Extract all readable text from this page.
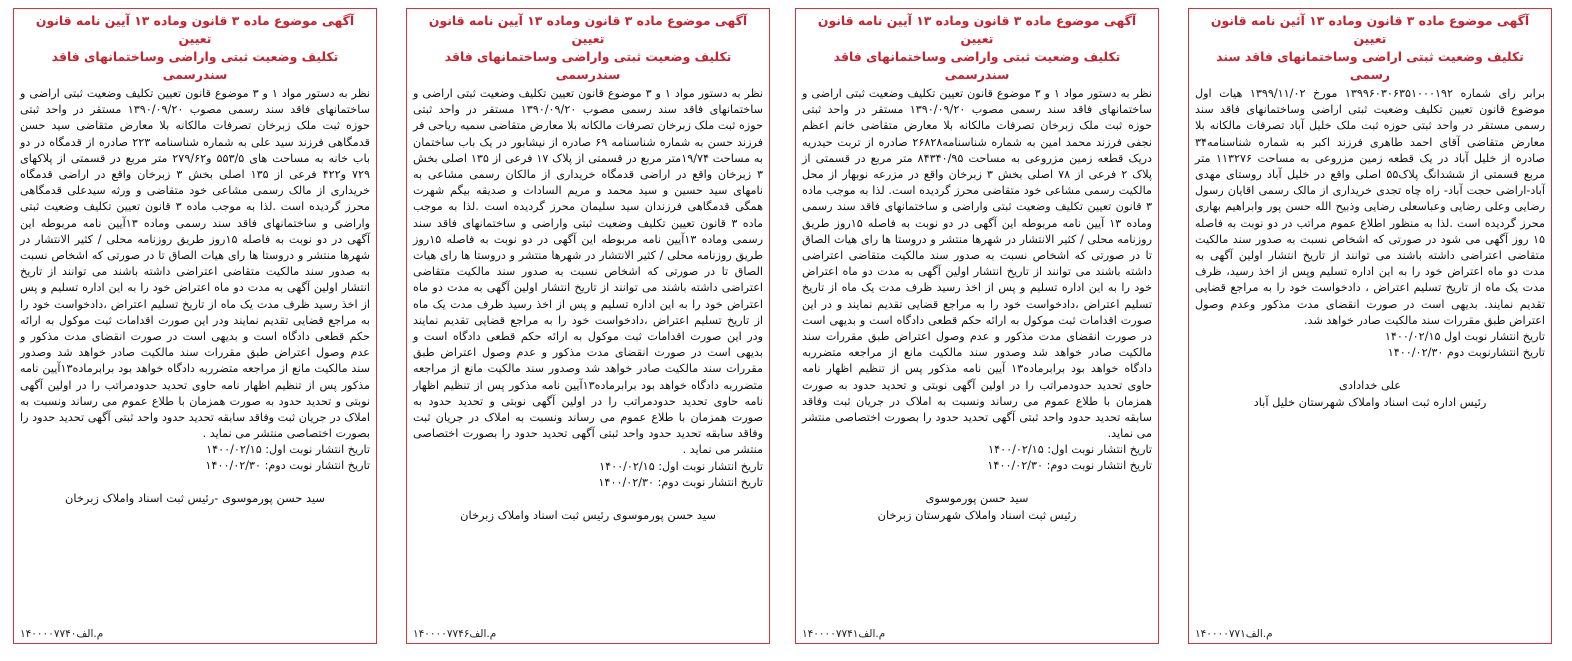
آگهی موضوع ماده ۳ قانون وماده ۱۳ آئین نامه قانون تعیین
تکلیف وضعیت ثبتی اراضی وساختمانهای فاقد سند رسمی
برابر رای شماره ۱۳۹۹۶۰۳۰۶۳۵۱۰۰۰۱۹۲ مورخ ۱۳۹۹/۱۱/۰۲ هیات اول موضوع قانون تعیین تکلیف وضعیت ثبتی اراضی وساختمانهای فاقد سند رسمی مستقر در واحد ثبتی حوزه ثبت ملک خلیل آباد تصرفات مالکانه بلا معارض متقاضی آقای احمد طاهری فرزند اکبر به شماره شناسنامه۳۴ صادره از خلیل آباد در یک قطعه زمین مزروعی به مساحت ۱۱۳۲۷۶ متر مربع قسمتی از ششدانگ پلاک۵۵ اصلی واقع در خلیل آباد روستای مهدی آباد-اراضی حجت آباد- راه چاه تجدی خریداری از مالک رسمی اقایان رسول رضایی وعلی رضایی وعباسعلی رضایی وذبیح الله حسن پور وابراهیم بهاری محرز گردیده است .لذا به منظور اطلاع عموم مراتب در دو نوبت به فاصله ۱۵ روز آگهی می شود در صورتی که اشخاص نسبت به صدور سند مالکیت متقاضی اعتراضی داشته باشند می توانند از تاریخ انتشار اولین آگهی به مدت دو ماه اعتراض خود را به این اداره تسلیم وپس از اخذ رسید، ظرف مدت یک ماه از تاریخ تسلیم اعتراض ، دادخواست خود را به مراجع قضایی تقدیم نمایند. بدیهی است در صورت انقضای مدت مذکور وعدم وصول اعتراض طبق مقررات سند مالکیت صادر خواهد شد.
تاریخ انتشار نوبت اول ۱۴۰۰/۰۲/۱۵
تاریخ انتشارنوبت دوم ۱۴۰۰/۰۲/۳۰
علی خدادادی
رئیس اداره ثبت اسناد واملاک شهرستان خلیل آباد
م.الف۱۴۰۰۰۰۷۷۱
آگهی موضوع ماده ۳ قانون وماده ۱۳ آیین نامه قانون تعیین
تکلیف وضعیت ثبتی واراضی وساختمانهای فاقد سندرسمی
نظر به دستور مواد ۱ و ۳ موضوع قانون تعیین تکلیف وضعیت ثبتی اراضی و ساختمانهای فاقد سند رسمی مصوب ۱۳۹۰/۰۹/۲۰ مستقر در واحد ثبتی حوزه ثبت ملک زبرخان تصرفات مالکانه بلا معارض متقاضی خانم اعظم نجفی فرزند محمد امین به شماره شناسنامه۲۶۸۲۸ صادره از تربت حیدریه دریک قطعه زمین مزروعی به مساحت ۸۴۳۴۰/۹۵ متر مربع در قسمتی از پلاک ۲ فرعی از ۷۸ اصلی بخش ۳ زبرخان واقع در مزرعه نوبهار از محل مالکیت رسمی مشاعی خود متقاضی محرز گردیده است. لذا به موجب ماده ۳ قانون تعیین تکلیف وضعیت ثبتی واراضی و ساختمانهای فاقد سند رسمی وماده ۱۳ آیین نامه مربوطه این آگهی در دو نوبت به فاصله ۱۵روز طریق روزنامه محلی / کثیر الانتشار در شهرها منتشر و دروستا ها رای هیات الصاق تا در صورتی که اشخاص نسبت به صدور سند مالکیت متقاضی اعتراضی داشته باشند می توانند از تاریخ انتشار اولین آگهی به مدت دو ماه اعتراض خود را به این اداره تسلیم و پس از اخذ رسید ظرف مدت یک ماه از تاریخ تسلیم اعتراض ،دادخواست خود را به مراجع قضایی تقدیم نمایند و در این صورت اقدامات ثبت موکول به ارائه حکم قطعی دادگاه است و بدیهی است در صورت انقضای مدت مذکور و عدم وصول اعتراض طبق مقررات سند مالکیت صادر خواهد شد وصدور سند مالکیت مانع از مراجعه متضرربه دادگاه خواهد بود برابرماده۱۳ آیین نامه مذکور پس از تنظیم اظهار نامه حاوی تحدید حدودمراتب را در اولین آگهی نوبتی و تحدید حدود به صورت همزمان با طلاع عموم می رساند ونسبت به املاک در جریان ثبت وفاقد سابقه تحدید حدود واحد ثبتی آگهی تحدید حدود را بصورت اختصاصی منتشر می نماید.
تاریخ انتشار نوبت اول: ۱۴۰۰/۰۲/۱۵
تاریخ انتشار نوبت دوم: ۱۴۰۰/۰۲/۳۰
سید حسن پورموسوی
رئیس ثبت اسناد واملاک شهرستان زبرخان
م.الف۱۴۰۰۰۰۷۷۴۱
آگهی موضوع ماده ۳ قانون وماده ۱۳ آیین نامه قانون تعیین
تکلیف وضعیت ثبتی واراضی وساختمانهای فاقد سندرسمی
نظر به دستور مواد ۱ و ۳ موضوع قانون تعیین تکلیف وضعیت ثبتی اراضی و ساختمانهای فاقد سند رسمی مصوب ۱۳۹۰/۰۹/۲۰ مستقر در واحد ثبتی حوزه ثبت ملک زبرخان تصرفات مالکانه بلا معارض متقاضی سمیه ریاحی فر فرزند حسن به شماره شناسنامه ۶۹ صادره از نیشابور در یک باب ساختمان به مساحت ۱۹/۷۴متر مربع در قسمتی از پلاک ۱۷ فرعی از ۱۳۵ اصلی بخش ۳ زبرخان واقع در اراضی قدمگاه خریداری از مالکان رسمی مشاعی به نامهای سید حسین و سید محمد و مریم السادات و صدیقه بیگم شهرت همگی قدمگاهی فرزندان سید سلیمان محرز گردیده است .لذا به موجب ماده ۳ قانون تعیین تکلیف وضعیت ثبتی واراضی و ساختمانهای فاقد سند رسمی وماده ۱۳آیین نامه مربوطه این آگهی در دو نوبت به فاصله ۱۵روز طریق روزنامه محلی / کثیر الانتشار در شهرها منتشر و دروستا ها رای هیات الصاق تا در صورتی که اشخاص نسبت به صدور سند مالکیت متقاضی اعتراضی داشته باشند می توانند از تاریخ انتشار اولین آگهی به مدت دو ماه اعتراض خود را به این اداره تسلیم و پس از اخذ رسید ظرف مدت یک ماه از تاریخ تسلیم اعتراض ،دادخواست خود را به مراجع قضایی تقدیم نمایند ودر این صورت اقدامات ثبت موکول به ارائه حکم قطعی دادگاه است و بدیهی است در صورت انقضای مدت مذکور و عدم وصول اعتراض طبق مقررات سند مالکیت صادر خواهد شد وصدور سند مالکیت مانع از مراجعه متضرربه دادگاه خواهد بود برابرماده۱۳آیین نامه مذکور پس از تنظیم اظهار نامه حاوی تحدید حدودمراتب را در اولین آگهی نوبتی و تحدید حدود به صورت همزمان با طلاع عموم می رساند ونسبت به املاک در جریان ثبت وفاقد سابقه تحدید حدود واحد ثبتی آگهی تحدید حدود را بصورت اختصاصی منتشر می نماید .
تاریخ انتشار نوبت اول: ۱۴۰۰/۰۲/۱۵
تاریخ انتشار نوبت دوم: ۱۴۰۰/۰۲/۳۰
سید حسن پورموسوی رئیس ثبت اسناد واملاک زبرخان
م.الف۱۴۰۰۰۰۷۷۴۶
آگهی موضوع ماده ۳ قانون وماده ۱۳ آیین نامه قانون تعیین
تکلیف وضعیت ثبتی واراضی وساختمانهای فاقد سندرسمی
نظر به دستور مواد ۱ و ۳ موضوع قانون تعیین تکلیف وضعیت ثبتی اراضی و ساختمانهای فاقد سند رسمی مصوب ۱۳۹۰/۰۹/۲۰ مستقر در واحد ثبتی حوزه ثبت ملک زبرخان تصرفات مالکانه بلا معارض متقاضی سید حسن قدمگاهی فرزند سید علی به شماره شناسنامه ۲۲۳ صادره از قدمگاه در دو باب خانه به مساحت های ۵۵۳/۵ و۲۷۹/۶۲ متر مربع در قسمتی از پلاکهای ۷۲۹ و۴۲۲ فرعی از ۱۳۵ اصلی بخش ۳ زبرخان واقع در اراضی قدمگاه خریداری از مالک رسمی مشاعی خود متقاضی و ورثه سیدعلی قدمگاهی محرز گردیده است .لذا به موجب ماده ۳ قانون تعیین تکلیف وضعیت ثبتی واراضی و ساختمانهای فاقد سند رسمی وماده ۱۳آیین نامه مربوطه این آگهی در دو نوبت به فاصله ۱۵روز طریق روزنامه محلی / کثیر الانتشار در شهرها منتشر و دروستا ها رای هیات الصاق تا در صورتی که اشخاص نسبت به صدور سند مالکیت متقاضی اعتراضی داشته باشند می توانند از تاریخ انتشار اولین آگهی به مدت دو ماه اعتراض خود را به این اداره تسلیم و پس از اخذ رسید ظرف مدت یک ماه از تاریخ تسلیم اعتراض ،دادخواست خود را به مراجع قضایی تقدیم نمایند ودر این صورت اقدامات ثبت موکول به ارائه حکم قطعی دادگاه است و بدیهی است در صورت انقضای مدت مذکور و عدم وصول اعتراض طبق مقررات سند مالکیت صادر خواهد شد وصدور سند مالکیت مانع از مراجعه متضرربه دادگاه خواهد بود برابرماده۱۳آیین نامه مذکور پس از تنظیم اظهار نامه حاوی تحدید حدودمراتب را در اولین آگهی نوبتی و تحدید حدود به صورت همزمان با طلاع عموم می رساند ونسبت به املاک در جریان ثبت وفاقد سابقه تحدید حدود واحد ثبتی آگهی تحدید حدود را بصورت اختصاصی منتشر می نماید .
تاریخ انتشار نوبت اول: ۱۴۰۰/۰۲/۱۵
تاریخ انتشار نوبت دوم: ۱۴۰۰/۰۲/۳۰
سید حسن پورموسوی -رئیس ثبت اسناد واملاک زبرخان
م.الف۱۴۰۰۰۰۷۷۴۰
